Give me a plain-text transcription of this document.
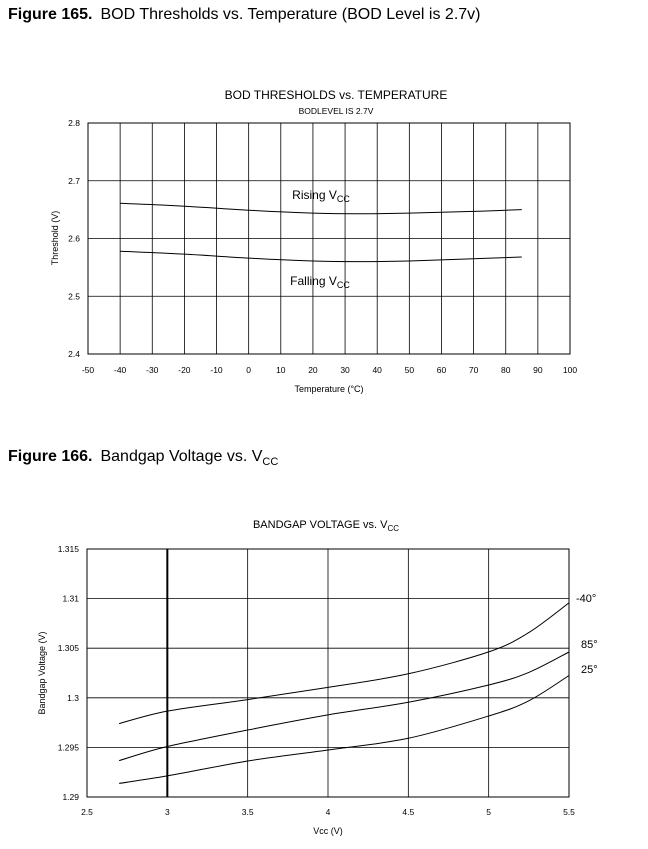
Figure 165. BOD Thresholds vs. Temperature (BOD Level is 2.7v)
Figure 166. Bandgap Voltage vs. $V_{CC}$
BOD THRESHOLDS vs. TEMPERATURE
BODLEVEL IS 2.7V
-50 -40 -30 -20 -10	0	10	20	30	40	50	60	70	80	90 100
2.4
2.5
2.6
2.7
2.8
Temperature (°C)
Threshold (V)
Rising $V_{CC}$
Falling $V_{CC}$
BANDGAP VOLTAGE vs. $V_{CC}$
2.5	3	3.5	4	4.5	5	5.5
1.29
1.295
1.3
1.305
1.31
1.315
Vcc (V)
Bandgap Voltage (V)
-40°
85°
25°
